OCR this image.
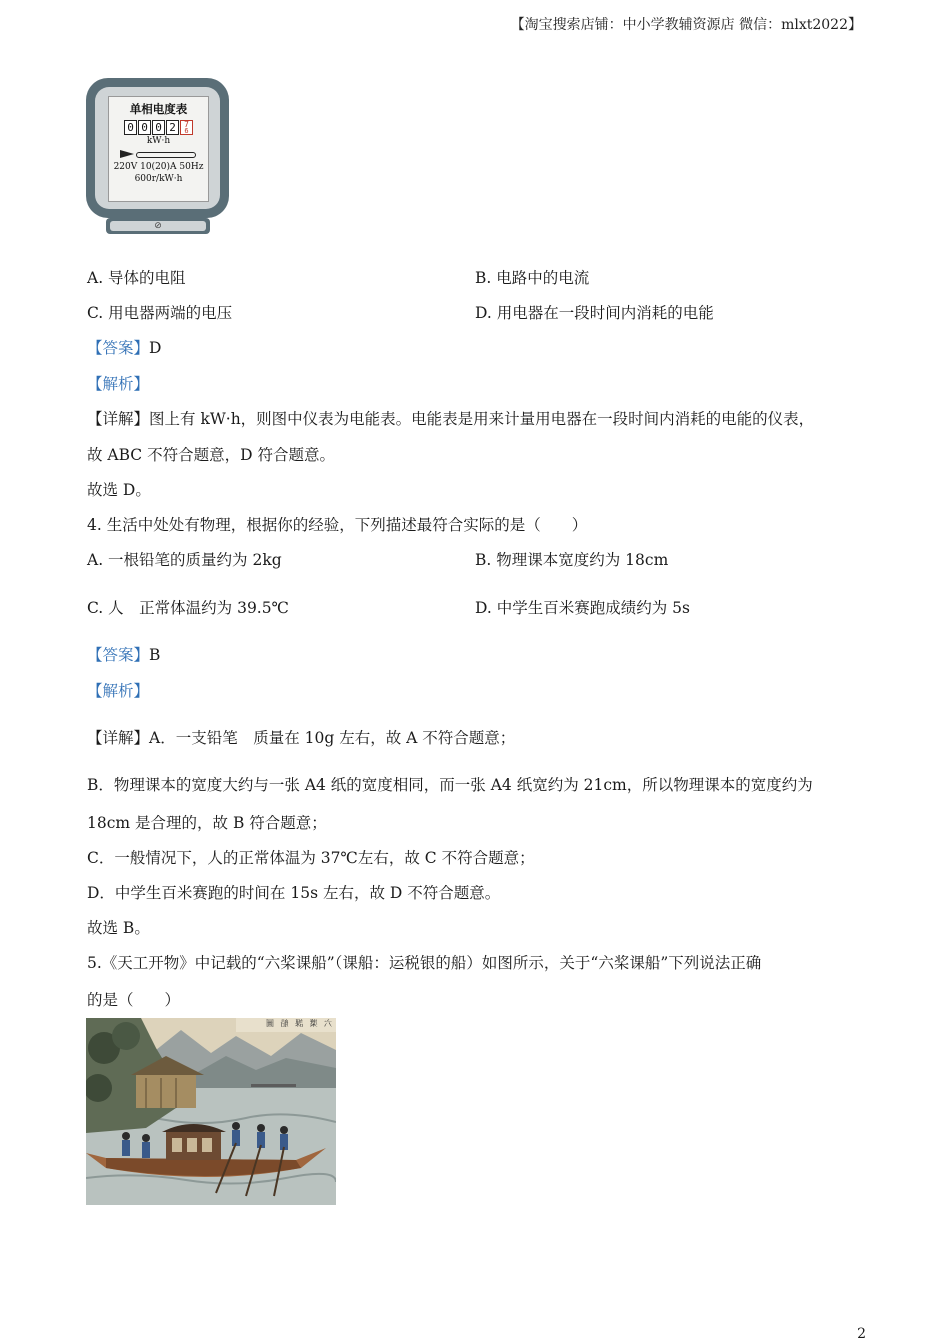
【淘宝搜索店铺：中小学教辅资源店 微信：mlxt2022】
单相电度表
0 0 0 2	7
6
kW·h
220V 10(20)A 50Hz
600r/kW·h
⊘
A. 导体的电阻	B. 电路中的电流
C. 用电器两端的电压	D. 用电器在一段时间内消耗的电能
【答案】D
【解析】
【详解】图上有 kW·h，则图中仪表为电能表。电能表是用来计量用电器在一段时间内消耗的电能的仪表，
故 ABC 不符合题意，D 符合题意。
故选 D。
4. 生活中处处有物理，根据你的经验，下列描述最符合实际的是（　　）
A. 一根铅笔的质量约为 2kg	B. 物理课本宽度约为 18cm
C. 人　正常体温约为 39.5℃	D. 中学生百米赛跑成绩约为 5s
【答案】B
【解析】
【详解】A．一支铅笔　质量在 10g 左右，故 A 不符合题意；
B．物理课本的宽度大约与一张 A4 纸的宽度相同，而一张 A4 纸宽约为 21cm，所以物理课本的宽度约为
18cm 是合理的，故 B 符合题意；
C．一般情况下，人的正常体温为 37℃左右，故 C 不符合题意；
D．中学生百米赛跑的时间在 15s 左右，故 D 不符合题意。
故选 B。
5.《天工开物》中记载的“六桨课船”（课船：运税银的船）如图所示，关于“六桨课船”下列说法正确
的是（　　）
六 槳 課 船 圖
2
